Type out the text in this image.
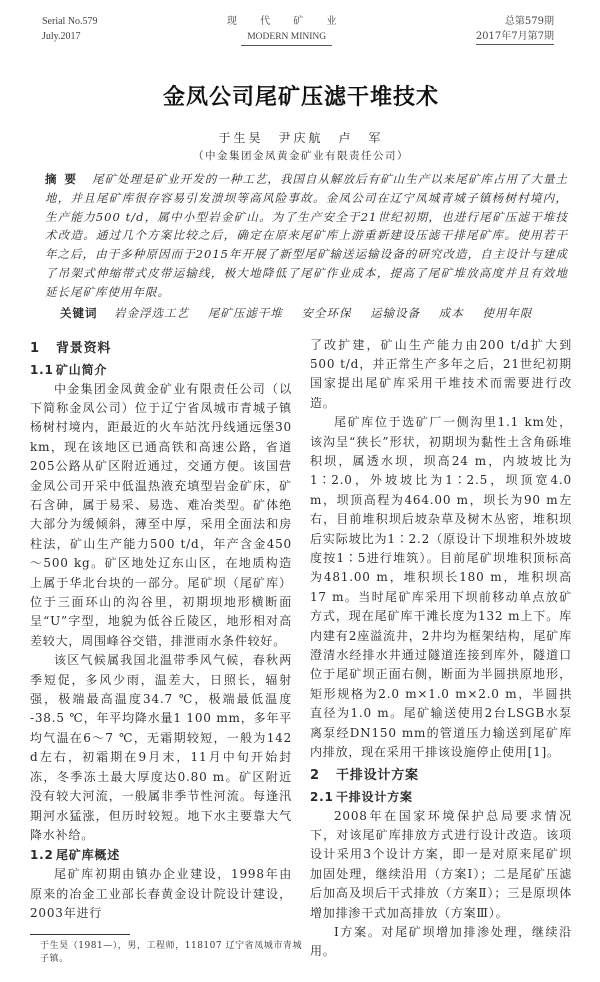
Serial No.579
July.2017
现 代 矿 业
MODERN MINING
总第579期
2017年7月第7期
金凤公司尾矿压滤干堆技术
于生昊　尹庆航　卢　军
（中金集团金凤黄金矿业有限责任公司）
摘要 尾矿处理是矿业开发的一种工艺，我国自从解放后有矿山生产以来尾矿库占用了大量土地，并且尾矿库很存容易引发溃坝等高风险事故。金凤公司在辽宁凤城青城子镇杨树村境内，生产能力500 t/d，属中小型岩金矿山。为了生产安全于21世纪初期，也进行尾矿压滤干堆技术改造。通过几个方案比较之后，确定在原来尾矿库上游重新建设压滤干排尾矿库。使用若干年之后，由于多种原因而于2015年开展了新型尾矿输送运输设备的研究改造，自主设计与建成了吊架式伸缩带式皮带运输线，极大地降低了尾矿作业成本，提高了尾矿堆放高度并且有效地延长尾矿库使用年限。
关键词 岩金浮选工艺 尾矿压滤干堆 安全环保 运输设备 成本 使用年限
1 背景资料
1.1 矿山简介

中金集团金凤黄金矿业有限责任公司（以下简称金凤公司）位于辽宁省凤城市青城子镇杨树村境内，距最近的火车站沈丹线通远堡30 km，现在该地区已通高铁和高速公路，省道205公路从矿区附近通过，交通方便。该国营金凤公司开采中低温热液充填型岩金矿床，矿石含砷，属于易采、易选、难冶类型。矿体绝大部分为缓倾斜，薄至中厚，采用全面法和房柱法，矿山生产能力500 t/d，年产含金450～500 kg。矿区地处辽东山区，在地质构造上属于华北台块的一部分。尾矿坝（尾矿库）位于三面环山的沟谷里，初期坝地形横断面呈“U”字型，地貌为低谷丘陵区，地形相对高差较大，周围峰谷交错，排泄雨水条件较好。

该区气候属我国北温带季风气候，春秋两季短促，多风少雨，温差大，日照长，辐射强，极端最高温度34.7 ℃，极端最低温度 -38.5 ℃，年平均降水量1 100 mm，多年平均气温在6～7 ℃，无霜期较短，一般为142 d左右，初霜期在9月末，11月中旬开始封冻，冬季冻土最大厚度达0.80 m。矿区附近没有较大河流，一般属非季节性河流。每逢汛期河水猛涨，但历时较短。地下水主要靠大气降水补给。

1.2 尾矿库概述

尾矿库初期由镇办企业建设，1998年由原来的冶金工业部长春黄金设计院设计建设，2003年进行

于生昊（1981—），男，工程师，118107 辽宁省凤城市青城子镇。

了改扩建，矿山生产能力由200 t/d扩大到500 t/d，并正常生产多年之后，21世纪初期国家提出尾矿库采用干堆技术而需要进行改造。

尾矿库位于选矿厂一侧沟里1.1 km处，该沟呈“狭长”形状，初期坝为黏性土含角砾堆积坝，属透水坝，坝高24 m，内坡坡比为1∶2.0，外坡坡比为1∶2.5，坝顶宽4.0 m，坝顶高程为464.00 m，坝长为90 m左右，目前堆积坝后坡杂草及树木丛密，堆积坝后实际坡比为1∶2.2（原设计下坝堆积外坡坡度按1∶5进行堆筑）。目前尾矿坝堆积顶标高为481.00 m，堆积坝长180 m，堆积坝高17 m。当时尾矿库采用下坝前移动单点放矿方式，现在尾矿库干滩长度为132 m上下。库内建有2座溢流井，2井均为框架结构，尾矿库澄清水经排水井通过隧道连接到库外，隧道口位于尾矿坝正面右侧，断面为半圆拱原地形，矩形规格为2.0 m×1.0 m×2.0 m，半圆拱直径为1.0 m。尾矿输送使用2台LSGB水泵离泵经DN150 mm的管道压力输送到尾矿库内排放，现在采用干排该设施停止使用[1]。

2 干排设计方案
2.1 干排设计方案

2008年在国家环境保护总局要求情况下，对该尾矿库排放方式进行设计改造。该项设计采用3个设计方案，即一是对原来尾矿坝加固处理，继续沿用（方案Ⅰ）；二是尾矿压滤后加高及坝后干式排放（方案Ⅱ）；三是原坝体增加排渗干式加高排放（方案Ⅲ）。

Ⅰ方案。对尾矿坝增加排渗处理，继续沿用。
